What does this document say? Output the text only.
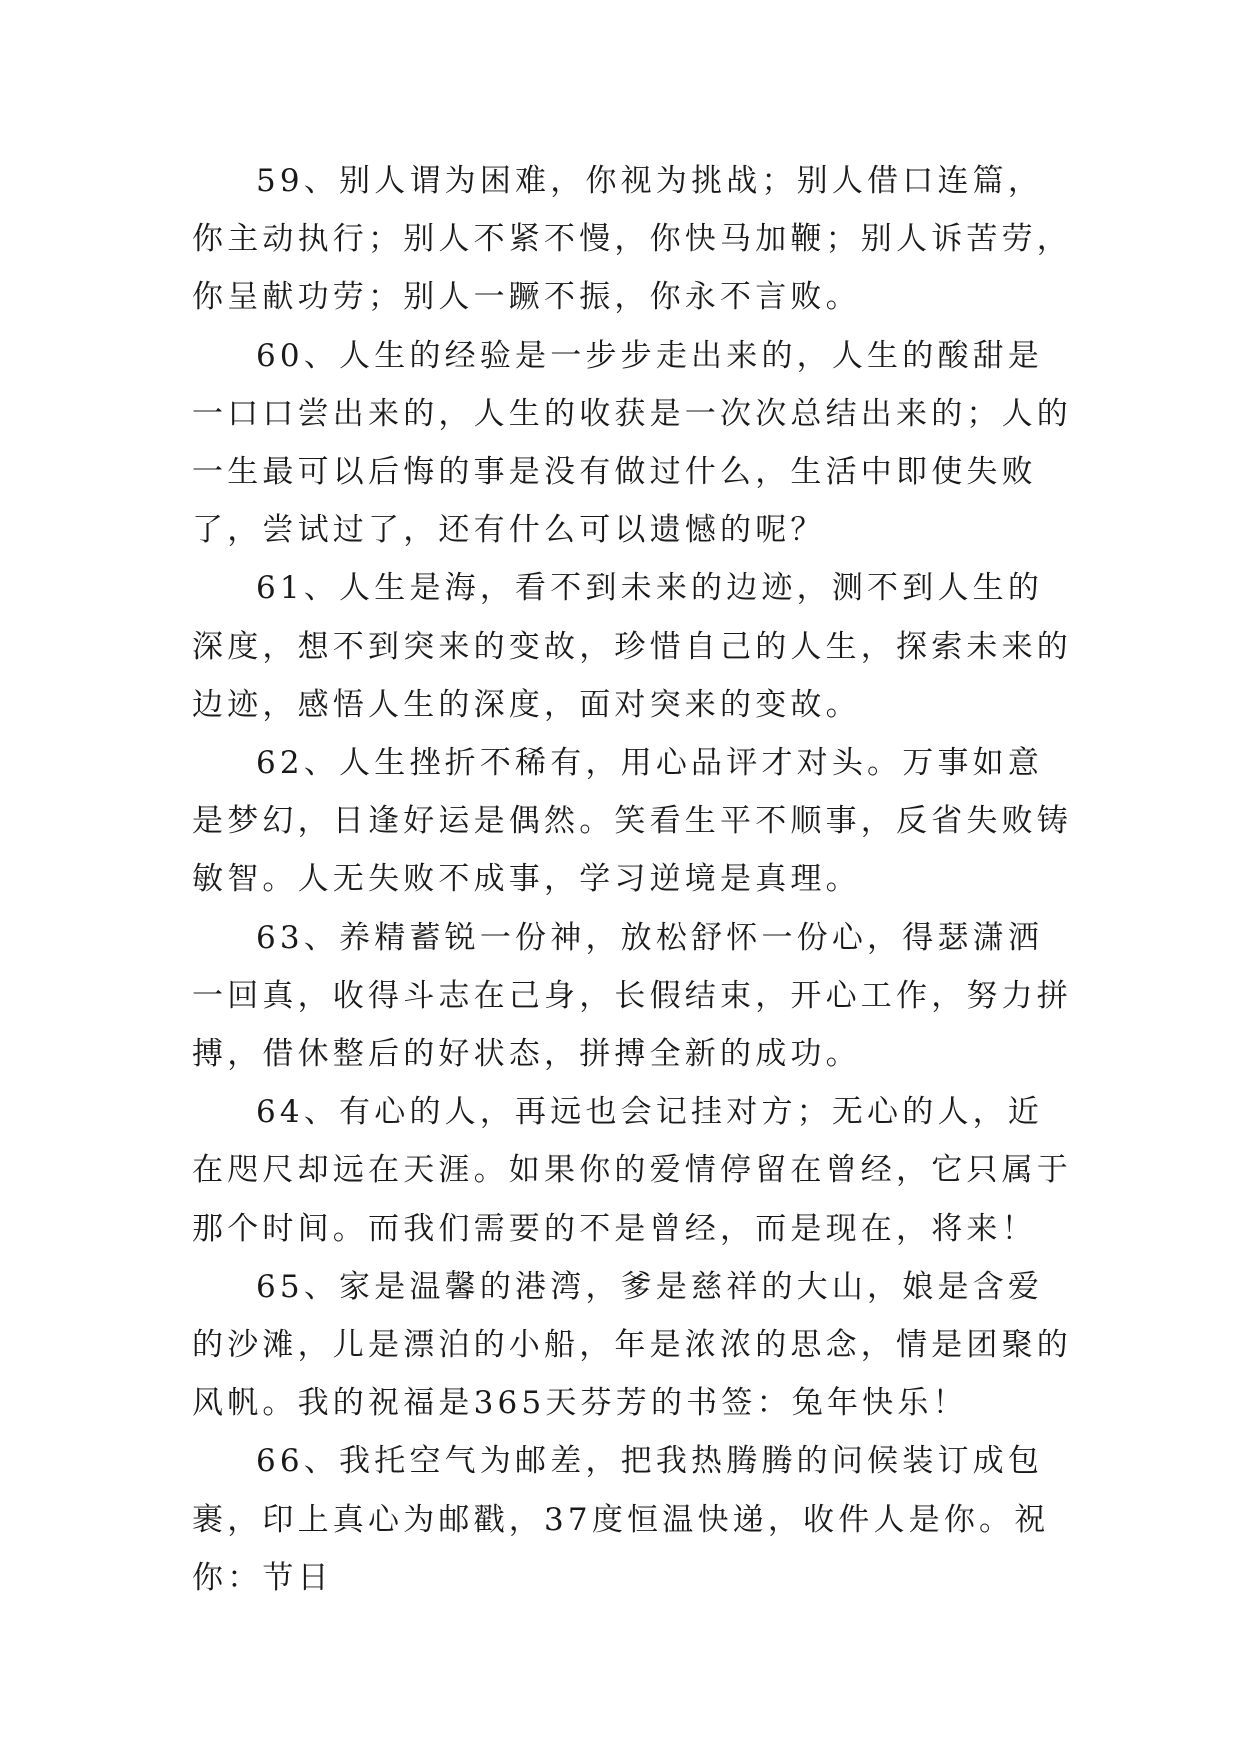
59、别人谓为困难，你视为挑战；别人借口连篇，你主动执行；别人不紧不慢，你快马加鞭；别人诉苦劳，你呈献功劳；别人一蹶不振，你永不言败。

60、人生的经验是一步步走出来的，人生的酸甜是一口口尝出来的，人生的收获是一次次总结出来的；人的一生最可以后悔的事是没有做过什么，生活中即使失败了，尝试过了，还有什么可以遗憾的呢？

61、人生是海，看不到未来的边迹，测不到人生的深度，想不到突来的变故，珍惜自己的人生，探索未来的边迹，感悟人生的深度，面对突来的变故。

62、人生挫折不稀有，用心品评才对头。万事如意是梦幻，日逢好运是偶然。笑看生平不顺事，反省失败铸敏智。人无失败不成事，学习逆境是真理。

63、养精蓄锐一份神，放松舒怀一份心，得瑟潇洒一回真，收得斗志在己身，长假结束，开心工作，努力拼搏，借休整后的好状态，拼搏全新的成功。

64、有心的人，再远也会记挂对方；无心的人，近在咫尺却远在天涯。如果你的爱情停留在曾经，它只属于那个时间。而我们需要的不是曾经，而是现在，将来！

65、家是温馨的港湾，爹是慈祥的大山，娘是含爱的沙滩，儿是漂泊的小船，年是浓浓的思念，情是团聚的风帆。我的祝福是365天芬芳的书签：兔年快乐！

66、我托空气为邮差，把我热腾腾的问候装订成包裹，印上真心为邮戳，37度恒温快递，收件人是你。祝你：节日
